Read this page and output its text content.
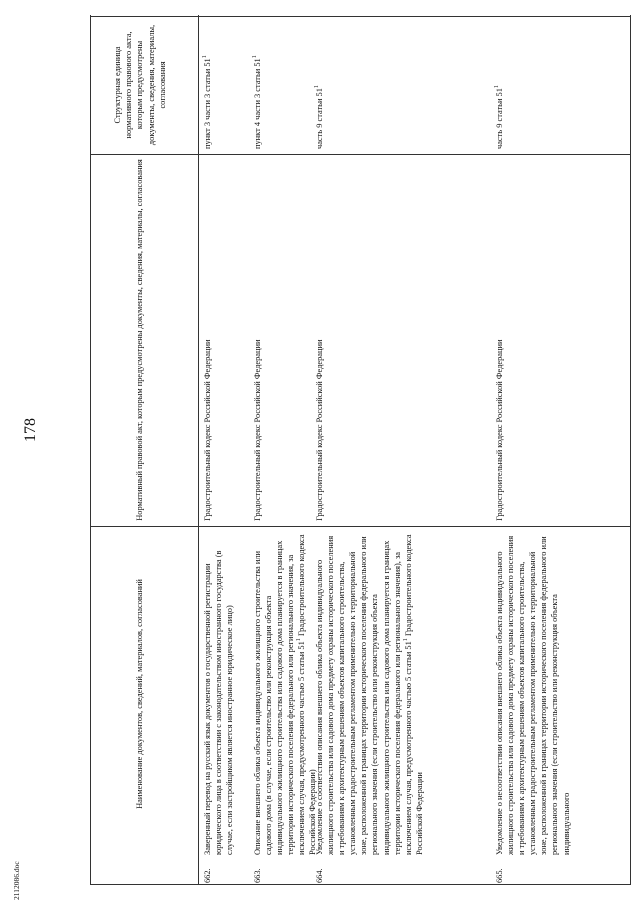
178
2112086.doc
Наименование документов, сведений, материалов, согласований
Нормативный правовой акт, которым предусмотрены документы, сведения, материалы, согласования
Структурная единица нормативного правового акта, которым предусмотрены документы, сведения, материалы, согласования
662.
Заверенный перевод на русский язык документов о государственной регистрации юридического лица в соответствии с законодательством иностранного государства (в случае, если застройщиком является иностранное юридическое лицо)
Градостроительный кодекс Российской Федерации
пункт 3 части 3 статьи $51^1$
663.
Описание внешнего облика объекта индивидуального жилищного строительства или садового дома (в случае, если строительство или реконструкция объекта индивидуального жилищного строительства или садового дома планируется в границах территории исторического поселения федерального или регионального значения, за исключением случая, предусмотренного частью 5 статьи $51^1$ Градостроительного кодекса Российской Федерации)
Градостроительный кодекс Российской Федерации
пункт 4 части 3 статьи $51^1$
664.
Уведомление о соответствии описания внешнего облика объекта индивидуального жилищного строительства или садового дома предмету охраны исторического поселения и требованиям к архитектурным решениям объектов капитального строительства, установленным градостроительным регламентом применительно к территориальной зоне, расположенной в границах территории исторического поселения федерального или регионального значения (если строительство или реконструкция объекта индивидуального жилищного строительства или садового дома планируется в границах территории исторического поселения федерального или регионального значения), за исключением случая, предусмотренного частью 5 статьи $51^1$ Градостроительного кодекса Российской Федерации
Градостроительный кодекс Российской Федерации
часть 9 статьи $51^1$
665.
Уведомление о несоответствии описания внешнего облика объекта индивидуального жилищного строительства или садового дома предмету охраны исторического поселения и требованиям к архитектурным решениям объектов капитального строительства, установленным градостроительным регламентом применительно к территориальной зоне, расположенной в границах территории исторического поселения федерального или регионального значения (если строительство или реконструкция объекта индивидуального
Градостроительный кодекс Российской Федерации
часть 9 статьи $51^1$
